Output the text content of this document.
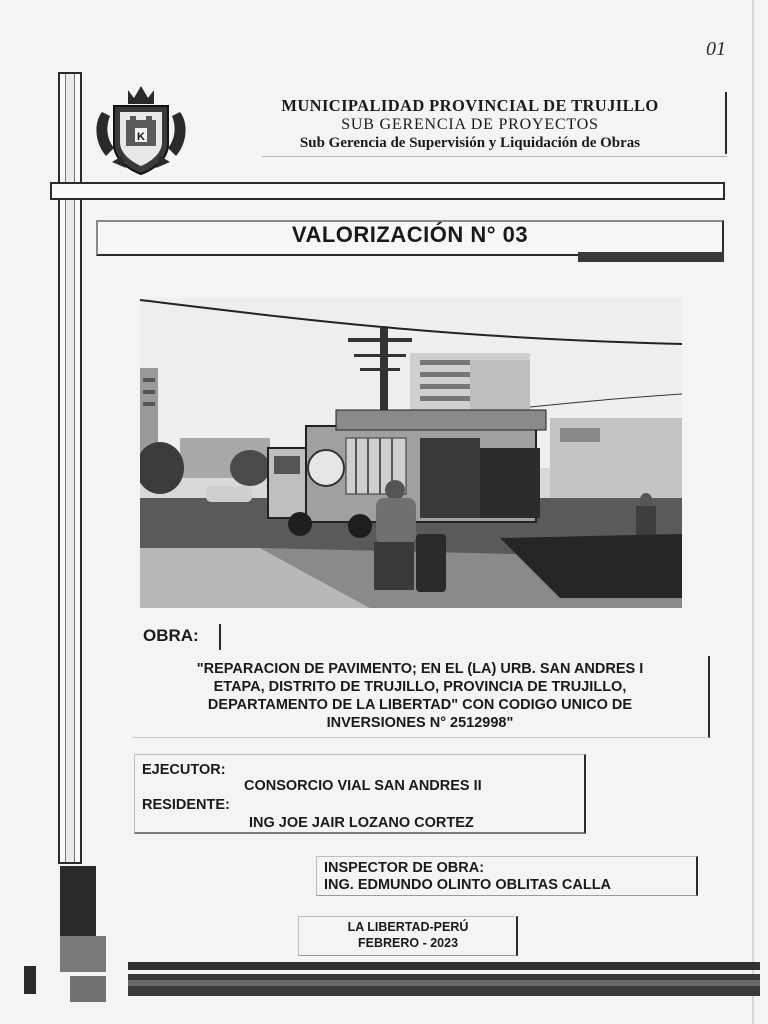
01
K
MUNICIPALIDAD PROVINCIAL DE TRUJILLO
SUB GERENCIA DE PROYECTOS
Sub Gerencia de Supervisión y Liquidación de Obras
VALORIZACIÓN N° 03
OBRA:
"REPARACION DE PAVIMENTO; EN EL (LA) URB. SAN ANDRES I
ETAPA, DISTRITO DE TRUJILLO, PROVINCIA DE TRUJILLO,
DEPARTAMENTO DE LA LIBERTAD" CON CODIGO UNICO DE
INVERSIONES N° 2512998"
EJECUTOR:
CONSORCIO VIAL SAN ANDRES II
RESIDENTE:
ING JOE JAIR LOZANO CORTEZ
INSPECTOR DE OBRA:
ING. EDMUNDO OLINTO OBLITAS CALLA
LA LIBERTAD-PERÚ
FEBRERO - 2023
